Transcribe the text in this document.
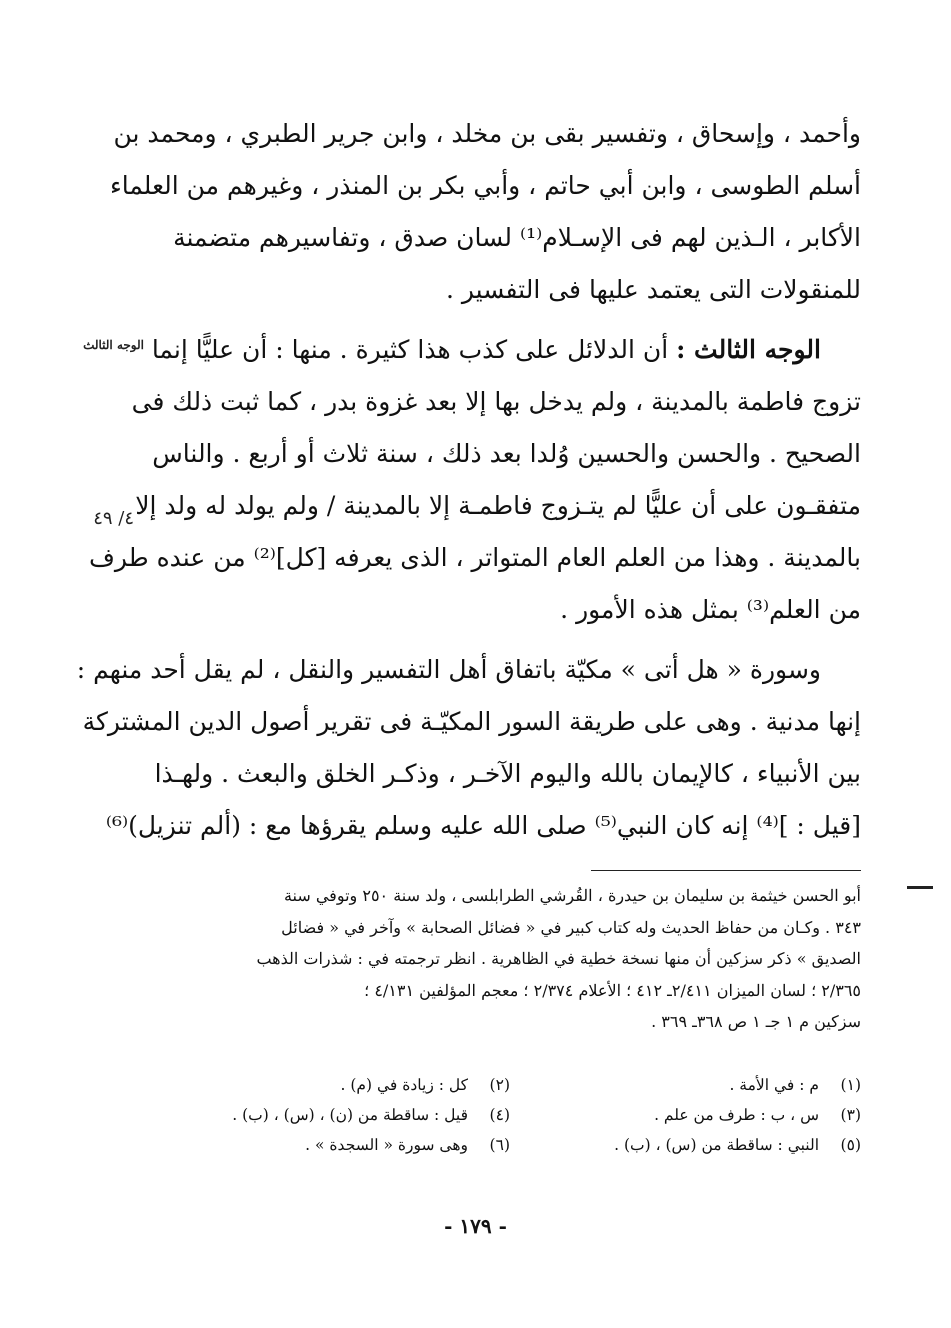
وأحمد ، وإسحاق ، وتفسير بقى بن مخلد ، وابن جرير الطبري ، ومحمد بن
أسلم الطوسى ، وابن أبي حاتم ، وأبي بكر بن المنذر ، وغيرهم من العلماء
الأكابر ، الـذين لهم فى الإسـلام⁽¹⁾ لسان صدق ، وتفاسيرهم متضمنة
للمنقولات التى يعتمد عليها فى التفسير .
الوجه الثالث : أن الدلائل على كذب هذا كثيرة . منها : أن عليًّا إنما
تزوج فاطمة بالمدينة ، ولم يدخل بها إلا بعد غزوة بدر ، كما ثبت ذلك فى
الصحيح . والحسن والحسين وُلدا بعد ذلك ، سنة ثلاث أو أربع . والناس
متفقـون على أن عليًّا لم يتـزوج فاطمـة إلا بالمدينة / ولم يولد له ولد إلا
بالمدينة . وهذا من العلم العام المتواتر ، الذى يعرفه [كل]⁽²⁾ من عنده طرف
من العلم⁽³⁾ بمثل هذه الأمور .
وسورة « هل أتى » مكيّة باتفاق أهل التفسير والنقل ، لم يقل أحد منهم :
إنها مدنية . وهى على طريقة السور المكيّـة فى تقرير أصول الدين المشتركة
بين الأنبياء ، كالإيمان بالله واليوم الآخـر ، وذكـر الخلق والبعث . ولهـذا
[قيل : ]⁽⁴⁾ إنه كان النبي⁽⁵⁾ صلى الله عليه وسلم يقرؤها مع : (ألم تنزيل)⁽⁶⁾
الوجه الثالث
٤/ ٤٩
أبو الحسن خيثمة بن سليمان بن حيدرة ، القُرشي الطرابلسى ، ولد سنة ٢٥٠ وتوفي سنة
٣٤٣ . وكـان من حفاظ الحديث وله كتاب كبير في « فضائل الصحابة » وآخر في « فضائل
الصديق » ذكر سزكين أن منها نسخة خطية في الظاهرية . انظر ترجمته في : شذرات الذهب
٢/٣٦٥ ؛ لسان الميزان ٢/٤١١ـ ٤١٢ ؛ الأعلام ٢/٣٧٤ ؛ معجم المؤلفين ٤/١٣١ ؛
سزكين م ١ جـ ١ ص ٣٦٨ـ ٣٦٩ .
(١)
م : في الأمة .
(٢)
كل : زيادة في (م) .
(٣)
س ، ب : طرف من علم .
(٤)
قيل : ساقطة من (ن) ، (س) ، (ب) .
(٥)
النبي : ساقطة من (س) ، (ب) .
(٦)
وهى سورة « السجدة » .
- ١٧٩ -
